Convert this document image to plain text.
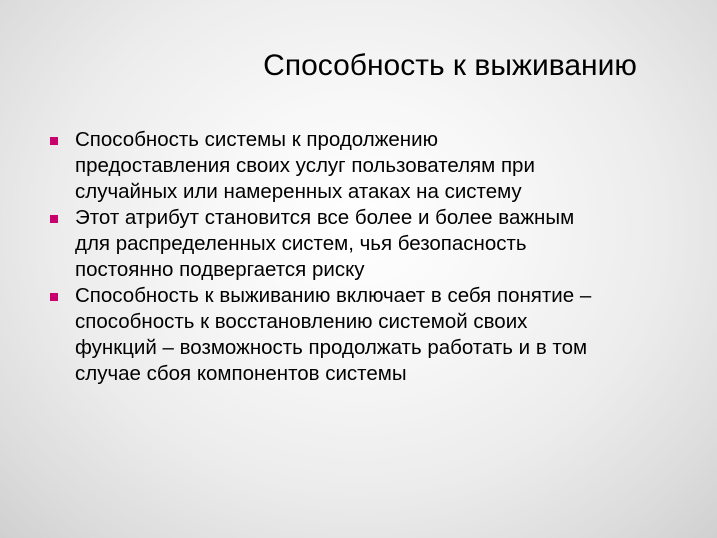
Способность к выживанию
Способность системы к продолжению
предоставления своих услуг пользователям при
случайных или намеренных атаках на систему
Этот атрибут становится все более и более важным
для распределенных систем, чья безопасность
постоянно подвергается риску
Способность к выживанию включает в себя понятие –
способность к восстановлению системой своих
функций – возможность продолжать работать и в том
случае сбоя компонентов системы
